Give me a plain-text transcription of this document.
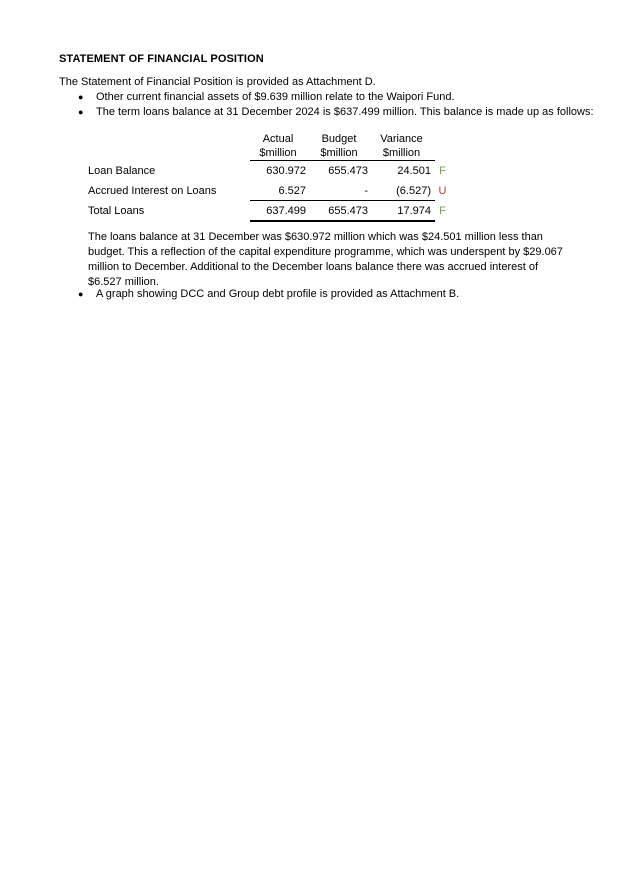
STATEMENT OF FINANCIAL POSITION
The Statement of Financial Position is provided as Attachment D.
●	Other current financial assets of $9.639 million relate to the Waipori Fund.
●	The term loans balance at 31 December 2024 is $637.499 million. This balance is made up as follows:
	Actual	Budget	Variance	
	$million	$million	$million	
Loan Balance	630.972	655.473	24.501	F
Accrued Interest on Loans	6.527	-	(6.527)	U
Total Loans	637.499	655.473	17.974	F
The loans balance at 31 December was $630.972 million which was $24.501 million less than budget. This a reflection of the capital expenditure programme, which was underspent by $29.067 million to December. Additional to the December loans balance there was accrued interest of $6.527 million.
●	A graph showing DCC and Group debt profile is provided as Attachment B.
